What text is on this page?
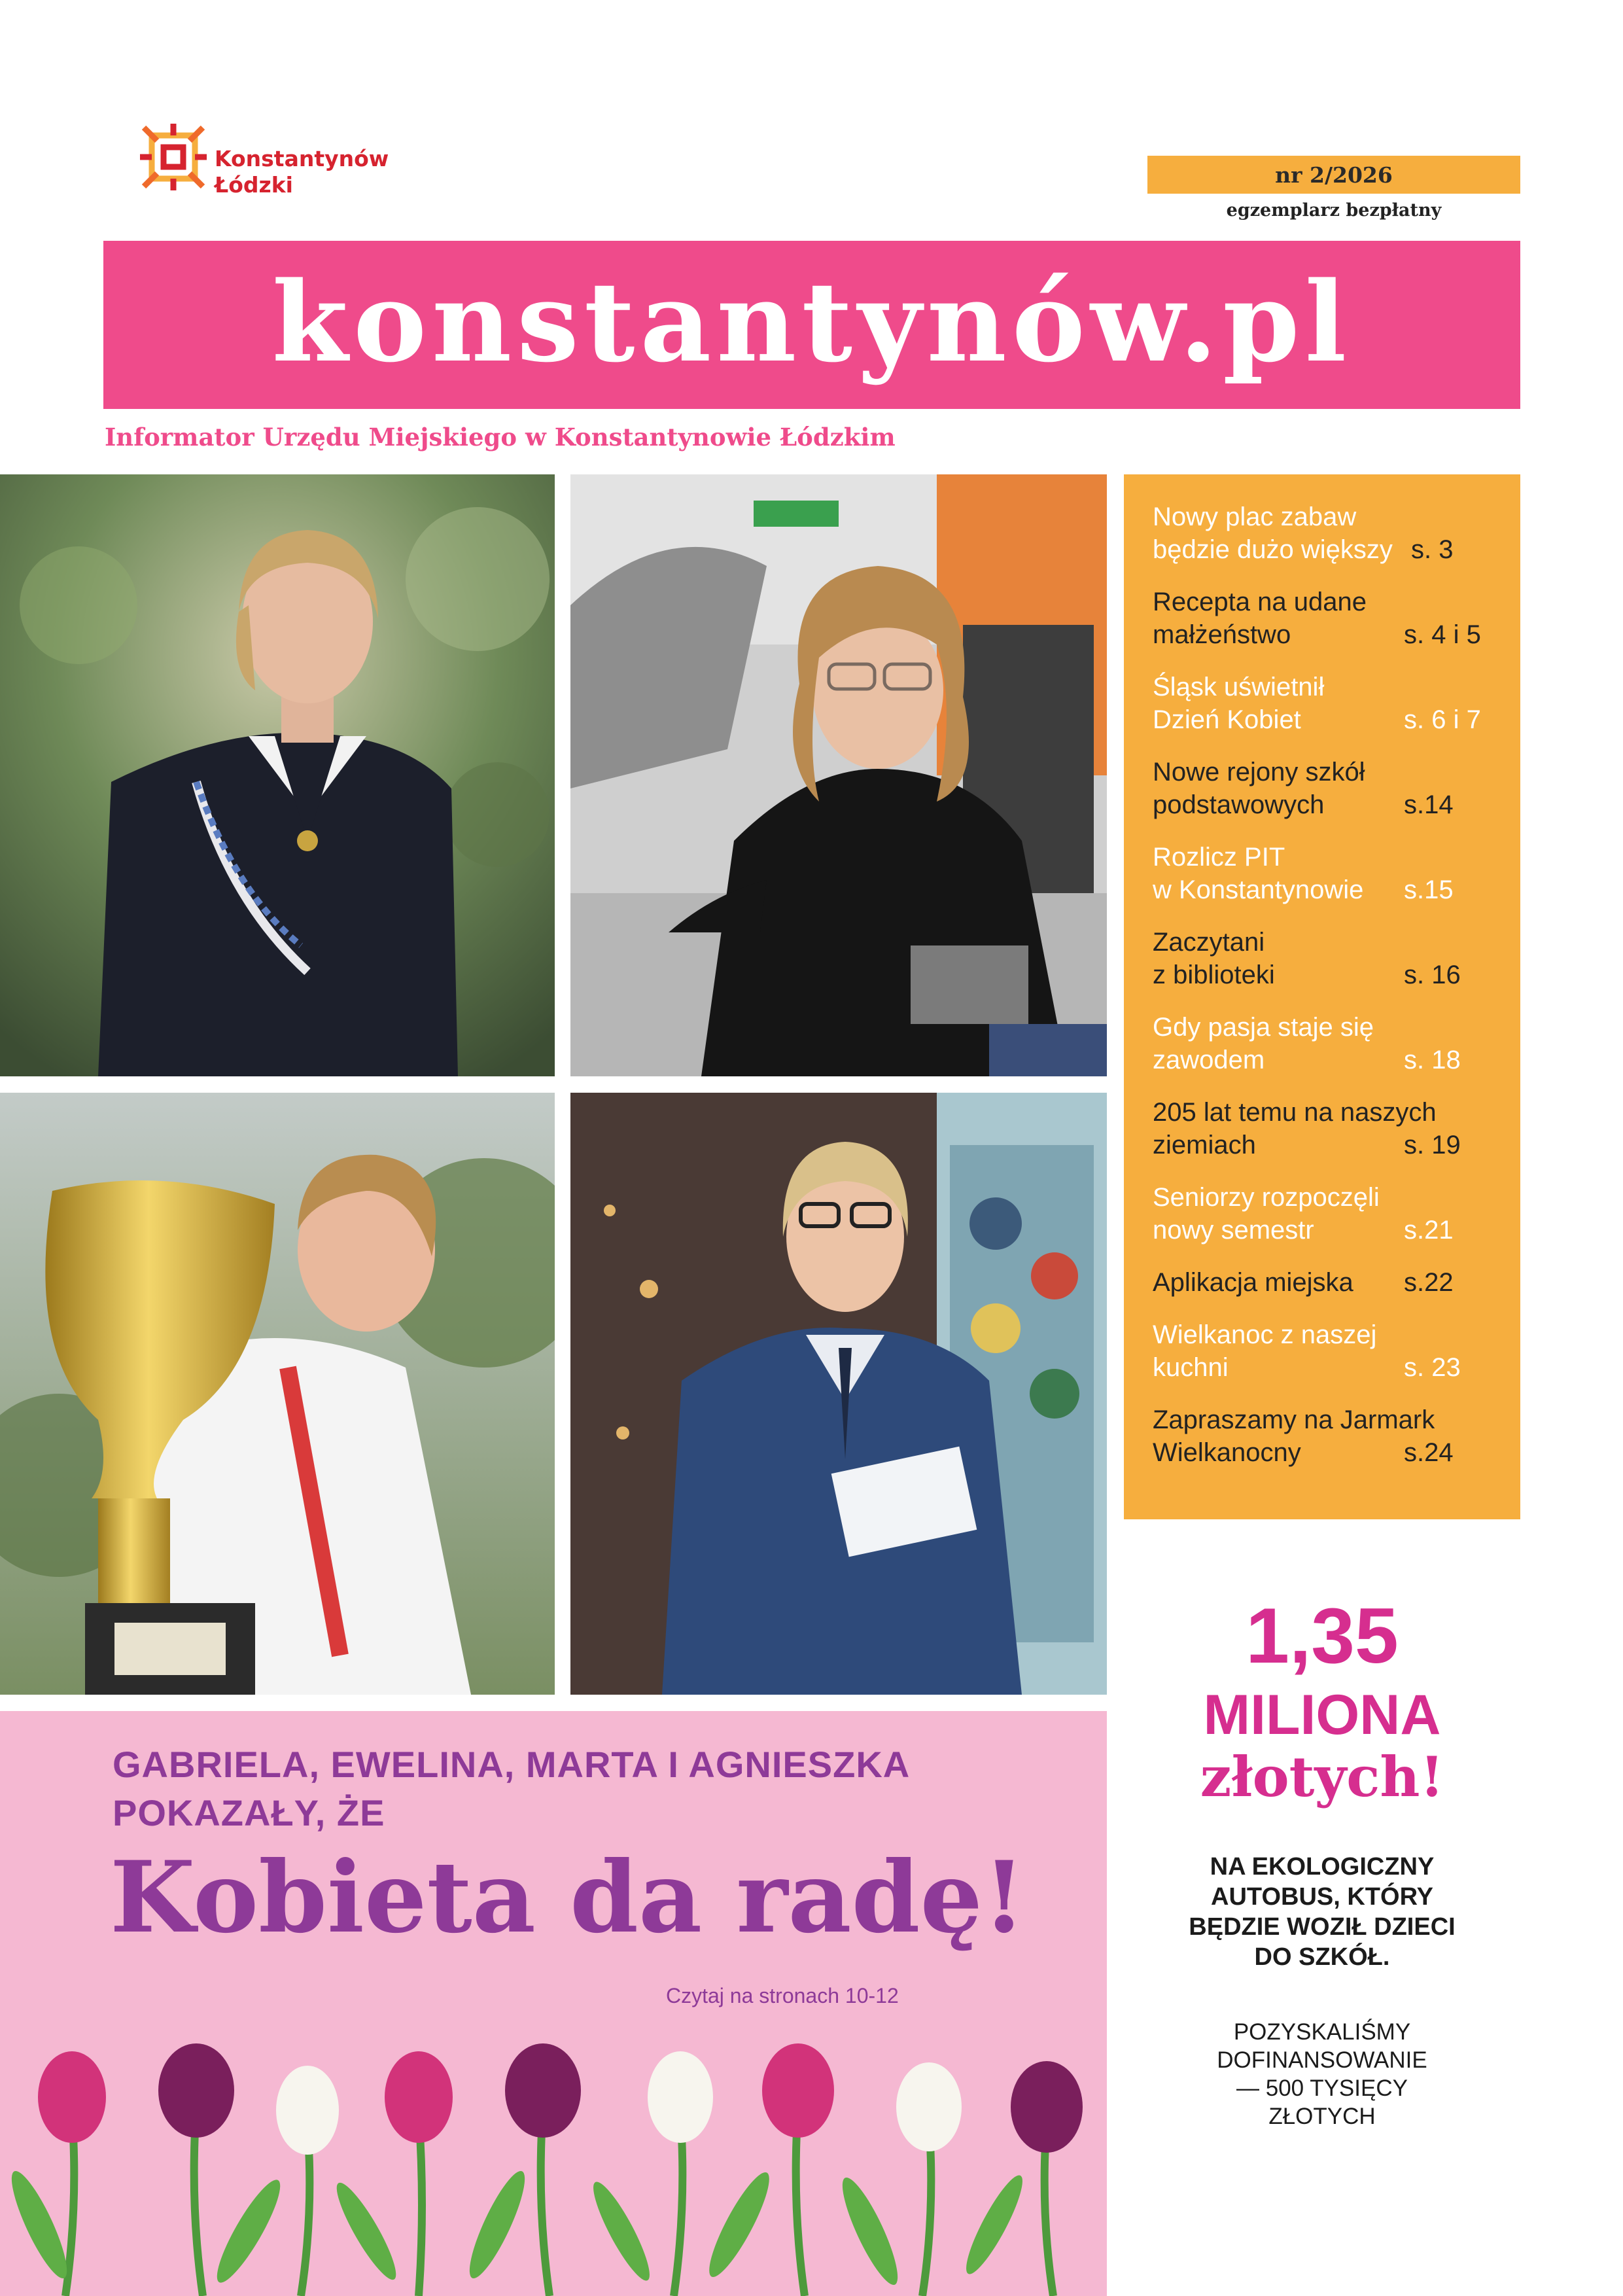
Konstantynów
Łódzki	nr 2/2026
egzemplarz bezpłatny
konstantynów.pl
Informator Urzędu Miejskiego w Konstantynowie Łódzkim
Nowy plac zabaw
będzie dużo większy s. 3
Recepta na udane
małżeństwo	s. 4 i 5
Śląsk uświetnił
Dzień Kobiet	s. 6 i 7
Nowe rejony szkół
podstawowych	s.14
Rozlicz PIT
w Konstantynowie	s.15
Zaczytani
z biblioteki	s. 16
Gdy pasja staje się
zawodem	s. 18
205 lat temu na naszych
ziemiach	s. 19
Seniorzy rozpoczęli
nowy semestr	s.21
Aplikacja miejska	s.22
Wielkanoc z naszej
kuchni	s. 23
Zapraszamy na Jarmark
Wielkanocny	s.24
GABRIELA, EWELINA, MARTA I AGNIESZKA
POKAZAŁY, ŻE
Kobieta da radę!
Czytaj na stronach 10-12
1,35
MILIONA
złotych!
NA EKOLOGICZNY
AUTOBUS, KTÓRY
BĘDZIE WOZIŁ DZIECI
DO SZKÓŁ.
POZYSKALIŚMY
DOFINANSOWANIE
— 500 TYSIĘCY
ZŁOTYCH
